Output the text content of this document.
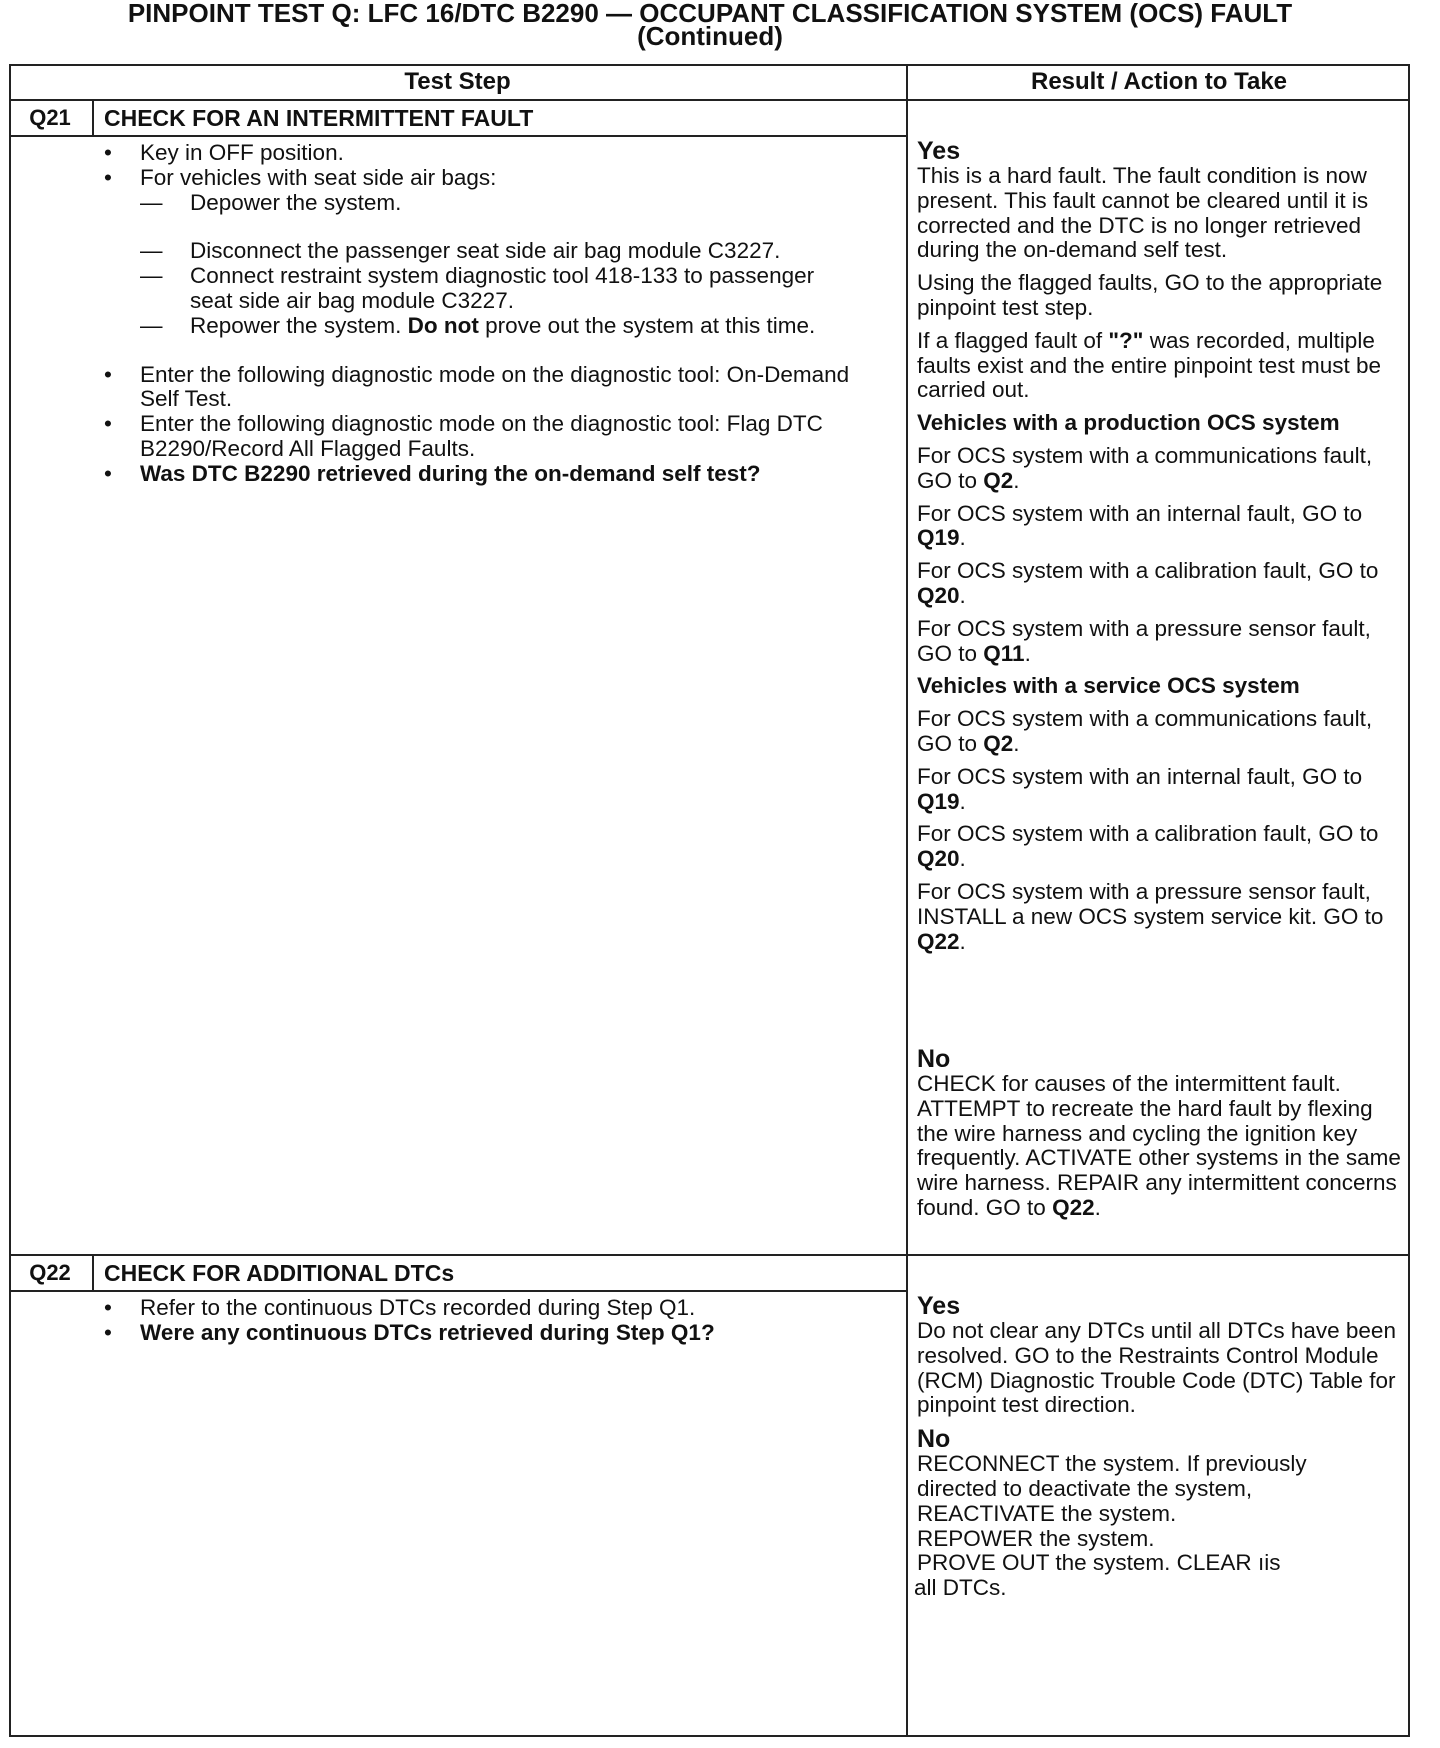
PINPOINT TEST Q: LFC 16/DTC B2290 — OCCUPANT CLASSIFICATION SYSTEM (OCS) FAULT
(Continued)
Test Step	Result / Action to Take
Q21	CHECK FOR AN INTERMITTENT FAULT
• Key in OFF position.
• For vehicles with seat side air bags:
— Depower the system.
— Disconnect the passenger seat side air bag module C3227.
— Connect restraint system diagnostic tool 418-133 to passenger seat side air bag module C3227.
— Repower the system. Do not prove out the system at this time.
• Enter the following diagnostic mode on the diagnostic tool: On-Demand Self Test.
• Enter the following diagnostic mode on the diagnostic tool: Flag DTC B2290/Record All Flagged Faults.
• Was DTC B2290 retrieved during the on-demand self test?
Yes

This is a hard fault. The fault condition is now present. This fault cannot be cleared until it is corrected and the DTC is no longer retrieved during the on-demand self test.

Using the flagged faults, GO to the appropriate pinpoint test step.

If a flagged fault of "?" was recorded, multiple faults exist and the entire pinpoint test must be carried out.

Vehicles with a production OCS system

For OCS system with a communications fault, GO to Q2.

For OCS system with an internal fault, GO to Q19.

For OCS system with a calibration fault, GO to Q20.

For OCS system with a pressure sensor fault, GO to Q11.

Vehicles with a service OCS system

For OCS system with a communications fault, GO to Q2.

For OCS system with an internal fault, GO to Q19.

For OCS system with a calibration fault, GO to Q20.

For OCS system with a pressure sensor fault, INSTALL a new OCS system service kit. GO to Q22.

No

CHECK for causes of the intermittent fault. ATTEMPT to recreate the hard fault by flexing the wire harness and cycling the ignition key frequently. ACTIVATE other systems in the same wire harness. REPAIR any intermittent concerns found. GO to Q22.

Q22	CHECK FOR ADDITIONAL DTCs
• Refer to the continuous DTCs recorded during Step Q1.
• Were any continuous DTCs retrieved during Step Q1?
Yes

Do not clear any DTCs until all DTCs have been resolved. GO to the Restraints Control Module (RCM) Diagnostic Trouble Code (DTC) Table for pinpoint test direction.

No
RECONNECT the system. If previously
directed to deactivate the system,
REACTIVATE the system.
REPOWER the system.
PROVE OUT the system. CLEAR ıis
all DTCs.
